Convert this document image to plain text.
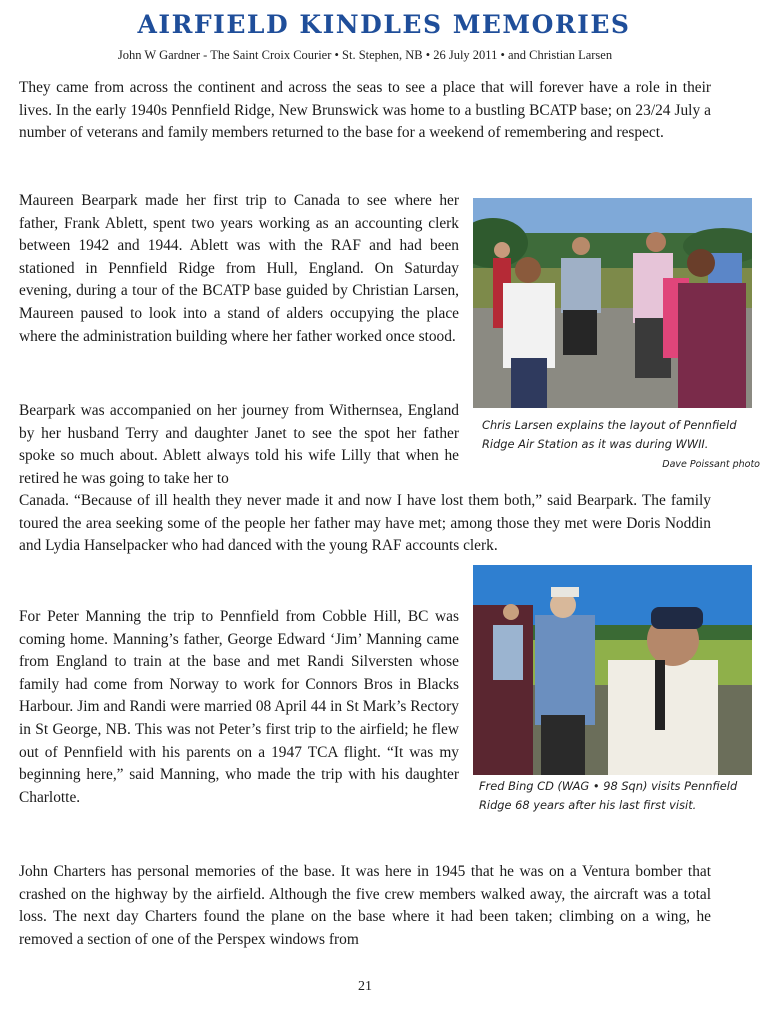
AIRFIELD KINDLES MEMORIES
John W Gardner - The Saint Croix Courier • St. Stephen, NB • 26 July 2011 • and Christian Larsen

They came from across the continent and across the seas to see a place that will forever have a role in their lives. In the early 1940s Pennfield Ridge, New Brunswick was home to a bustling BCATP base; on 23/24 July a number of veterans and family members returned to the base for a weekend of remembering and respect.

Maureen Bearpark made her first trip to Canada to see where her father, Frank Ablett, spent two years working as an accounting clerk between 1942 and 1944. Ablett was with the RAF and had been stationed in Pennfield Ridge from Hull, England. On Saturday evening, during a tour of the BCATP base guided by Christian Larsen, Maureen paused to look into a stand of alders occupying the place where the administration building where her father worked once stood.

Bearpark was accompanied on her journey from Withernsea, England by her husband Terry and daughter Janet to see the spot her father spoke so much about. Ablett always told his wife Lilly that when he retired he was going to take her to

Canada. “Because of ill health they never made it and now I have lost them both,” said Bearpark. The family toured the area seeking some of the people her father may have met; among those they met were Doris Noddin and Lydia Hanselpacker who had danced with the young RAF accounts clerk.

For Peter Manning the trip to Pennfield from Cobble Hill, BC was coming home. Manning’s father, George Edward ‘Jim’ Manning came from England to train at the base and met Randi Silversten whose family had come from Norway to work for Connors Bros in Blacks Harbour. Jim and Randi were married 08 April 44 in St Mark’s Rectory in St George, NB. This was not Peter’s first trip to the airfield; he flew out of Pennfield with his parents on a 1947 TCA flight. “It was my beginning here,” said Manning, who made the trip with his daughter Charlotte.

John Charters has personal memories of the base. It was here in 1945 that he was on a Ventura bomber that crashed on the highway by the airfield. Although the five crew members walked away, the aircraft was a total loss. The next day Charters found the plane on the base where it had been taken; climbing on a wing, he removed a section of one of the Perspex windows from

Chris Larsen explains the layout of Pennfield Ridge Air Station as it was during WWII.
Dave Poissant photo
Fred Bing CD (WAG • 98 Sqn) visits Pennfield Ridge 68 years after his last first visit.
21
